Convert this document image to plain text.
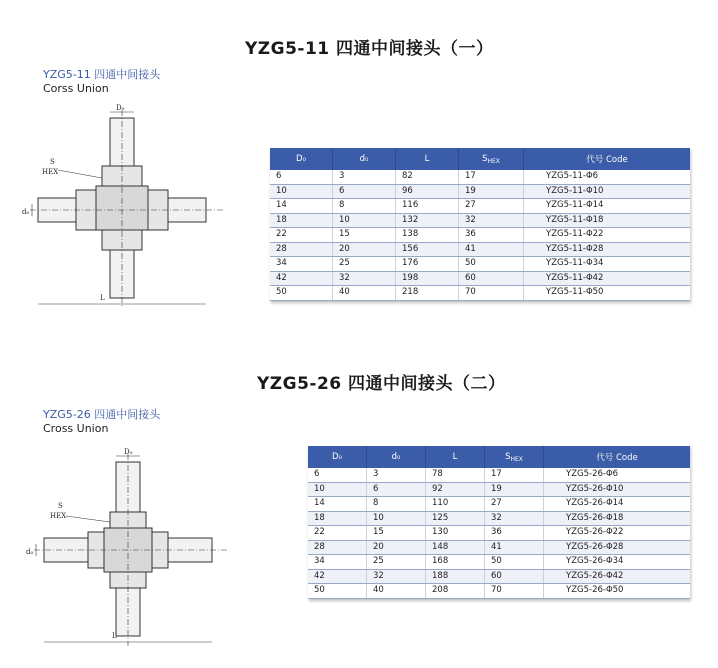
YZG5-11 四通中间接头（一）
YZG5-11 四通中间接头
Corss Union
D₀
S
HEX
d₀
L
D₀	d₀	L	$S_{HEX}$	代号 Code
6	3	82	17	YZG5-11-Φ6
10	6	96	19	YZG5-11-Φ10
14	8	116	27	YZG5-11-Φ14
18	10	132	32	YZG5-11-Φ18
22	15	138	36	YZG5-11-Φ22
28	20	156	41	YZG5-11-Φ28
34	25	176	50	YZG5-11-Φ34
42	32	198	60	YZG5-11-Φ42
50	40	218	70	YZG5-11-Φ50
YZG5-26 四通中间接头（二）
YZG5-26 四通中间接头
Cross Union
D₀
S
HEX
d₀
L
D₀	d₀	L	$S_{HEX}$	代号 Code
6	3	78	17	YZG5-26-Φ6
10	6	92	19	YZG5-26-Φ10
14	8	110	27	YZG5-26-Φ14
18	10	125	32	YZG5-26-Φ18
22	15	130	36	YZG5-26-Φ22
28	20	148	41	YZG5-26-Φ28
34	25	168	50	YZG5-26-Φ34
42	32	188	60	YZG5-26-Φ42
50	40	208	70	YZG5-26-Φ50
